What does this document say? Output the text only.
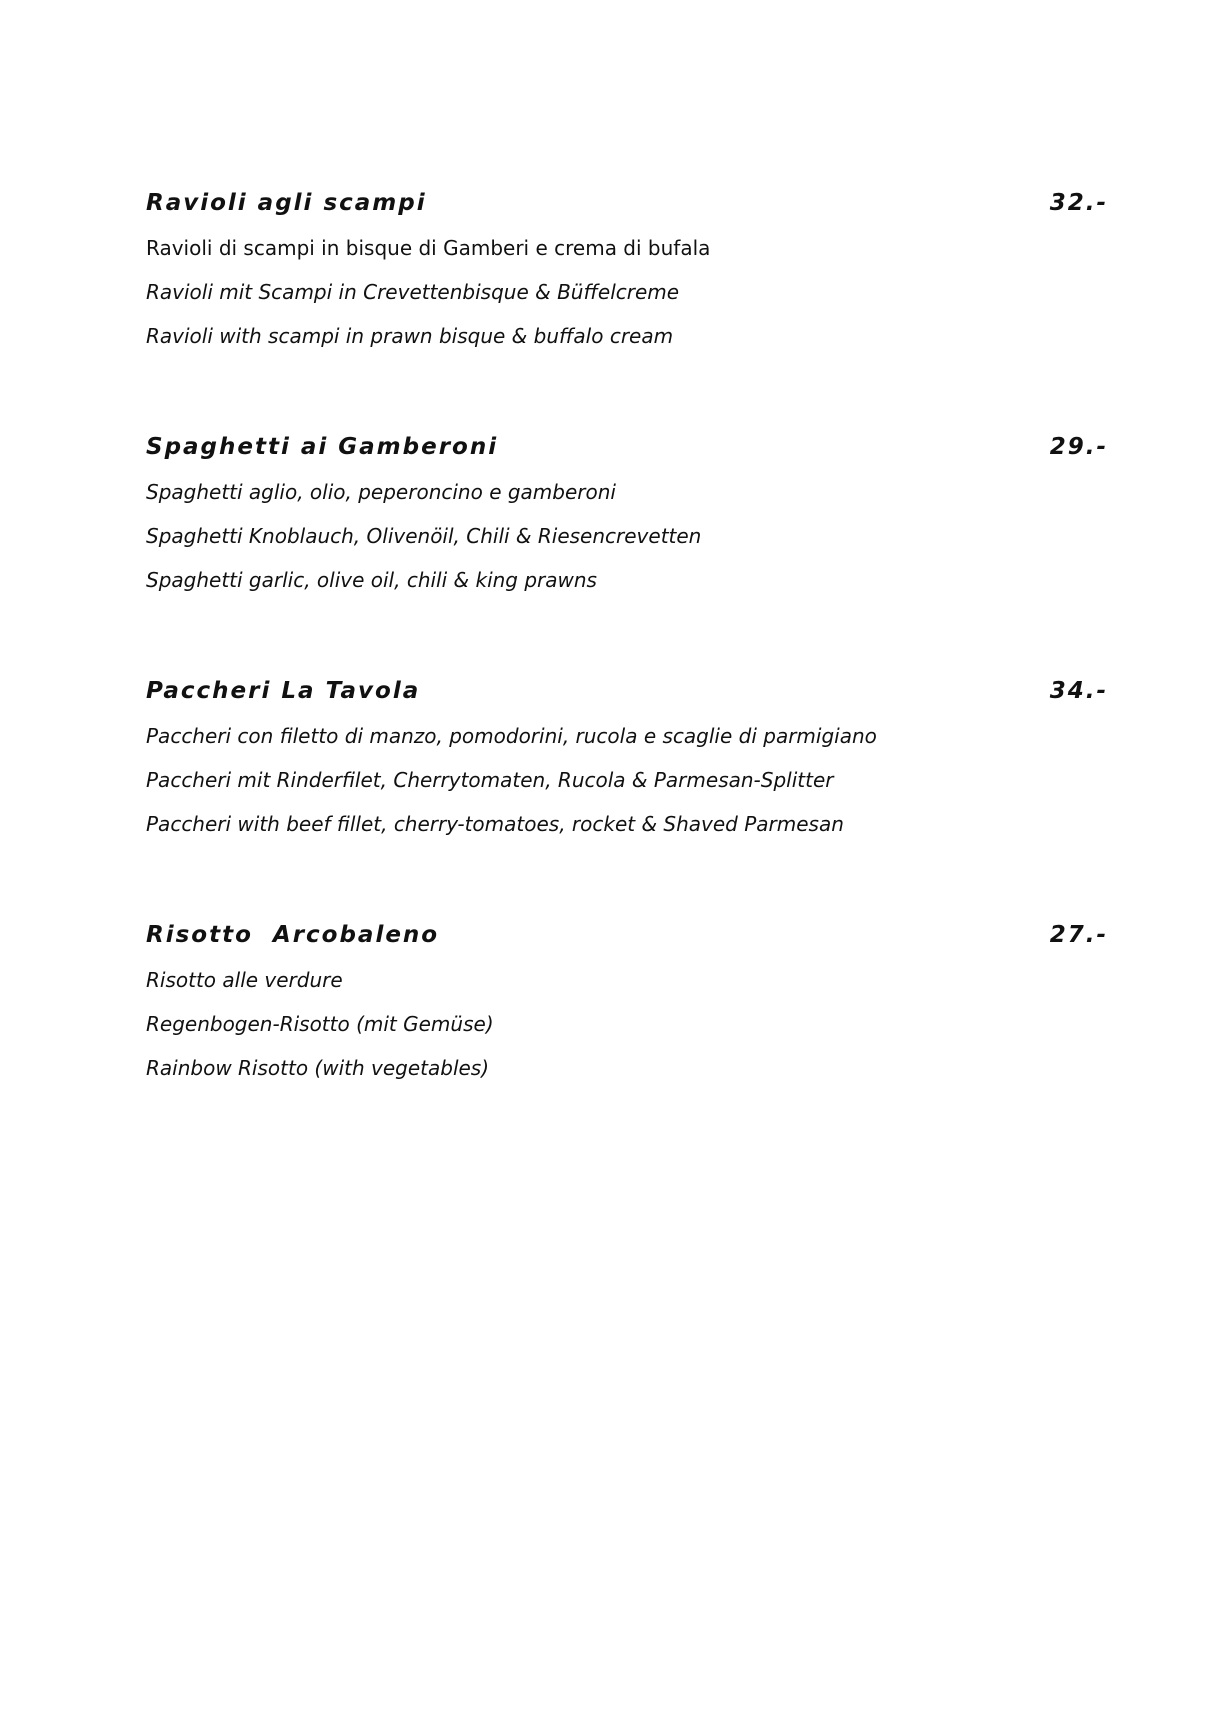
Ravioli agli scampi	32.-
Ravioli di scampi in bisque di Gamberi e crema di bufala
Ravioli mit Scampi in Crevettenbisque & Büffelcreme
Ravioli with scampi in prawn bisque & buffalo cream
Spaghetti ai Gamberoni	29.-
Spaghetti aglio, olio, peperoncino e gamberoni
Spaghetti Knoblauch, Olivenöil, Chili & Riesencrevetten
Spaghetti garlic, olive oil, chili & king prawns
Paccheri La Tavola	34.-
Paccheri con filetto di manzo, pomodorini, rucola e scaglie di parmigiano
Paccheri mit Rinderfilet, Cherrytomaten, Rucola & Parmesan-Splitter
Paccheri with beef fillet, cherry-tomatoes, rocket & Shaved Parmesan
Risotto  Arcobaleno	27.-
Risotto alle verdure
Regenbogen-Risotto (mit Gemüse)
Rainbow Risotto (with vegetables)
